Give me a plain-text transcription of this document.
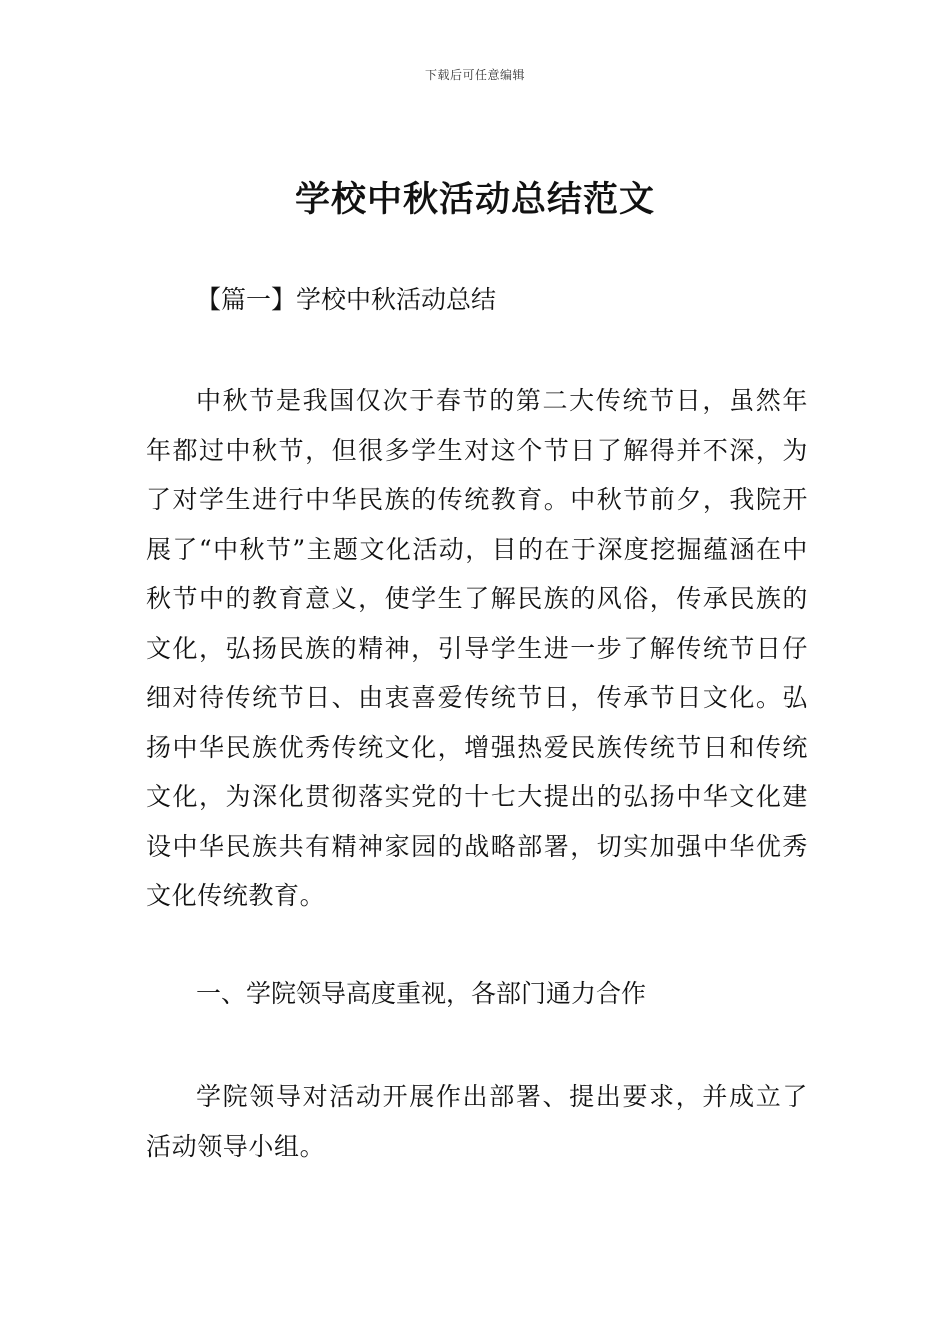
下载后可任意编辑
学校中秋活动总结范文

【篇一】学校中秋活动总结

中秋节是我国仅次于春节的第二大传统节日，虽然年年都过中秋节，但很多学生对这个节日了解得并不深，为了对学生进行中华民族的传统教育。中秋节前夕，我院开展了“中秋节”主题文化活动，目的在于深度挖掘蕴涵在中秋节中的教育意义，使学生了解民族的风俗，传承民族的文化，弘扬民族的精神，引导学生进一步了解传统节日仔细对待传统节日、由衷喜爱传统节日，传承节日文化。弘扬中华民族优秀传统文化，增强热爱民族传统节日和传统文化，为深化贯彻落实党的十七大提出的弘扬中华文化建设中华民族共有精神家园的战略部署，切实加强中华优秀文化传统教育。

一、学院领导高度重视，各部门通力合作

学院领导对活动开展作出部署、提出要求，并成立了活动领导小组。
